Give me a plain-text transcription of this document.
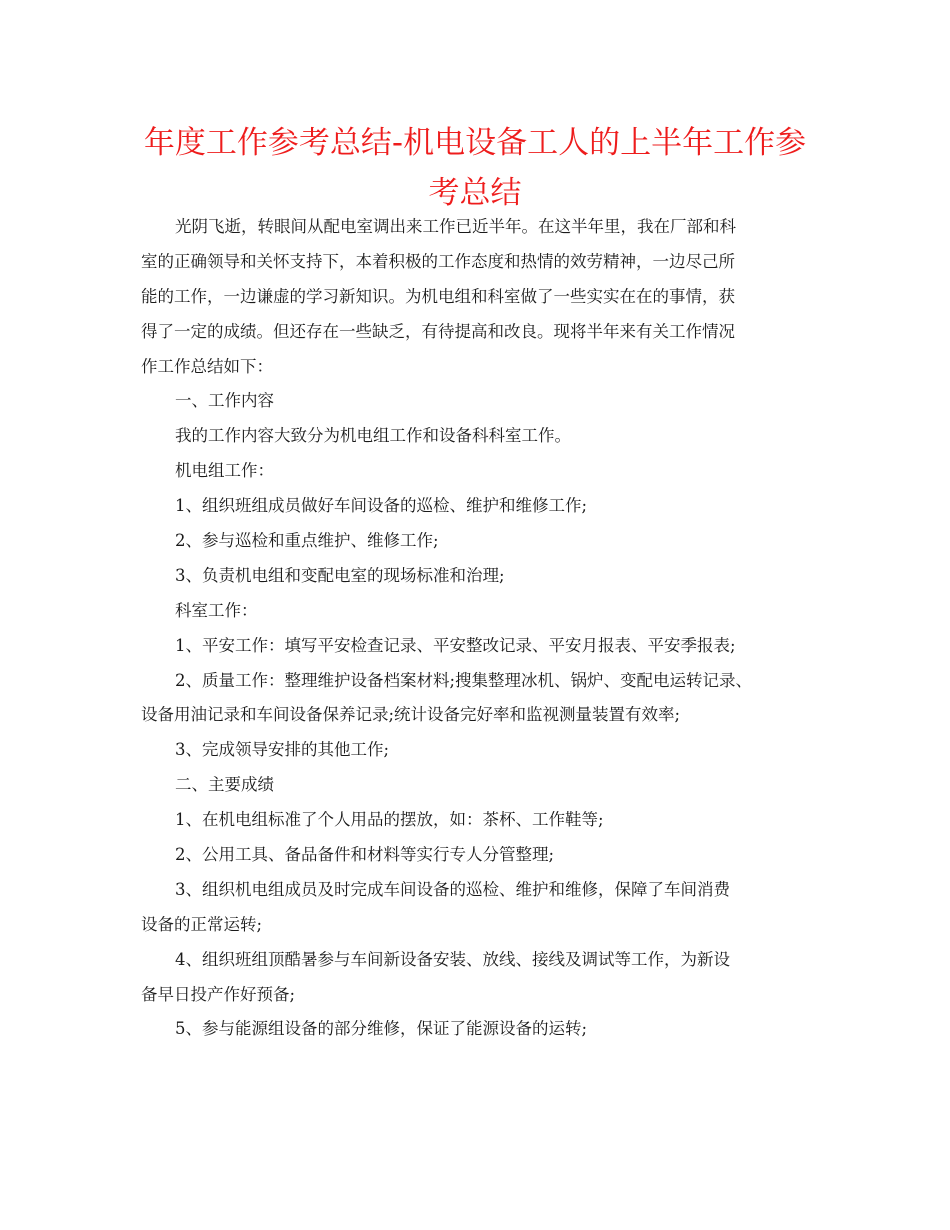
年度工作参考总结-机电设备工人的上半年工作参
考总结
光阴飞逝，转眼间从配电室调出来工作已近半年。在这半年里，我在厂部和科
室的正确领导和关怀支持下，本着积极的工作态度和热情的效劳精神，一边尽己所
能的工作，一边谦虚的学习新知识。为机电组和科室做了一些实实在在的事情，获
得了一定的成绩。但还存在一些缺乏，有待提高和改良。现将半年来有关工作情况
作工作总结如下：
一、工作内容
我的工作内容大致分为机电组工作和设备科科室工作。
机电组工作：
1、组织班组成员做好车间设备的巡检、维护和维修工作;
2、参与巡检和重点维护、维修工作;
3、负责机电组和变配电室的现场标准和治理;
科室工作：
1、平安工作：填写平安检查记录、平安整改记录、平安月报表、平安季报表;
2、质量工作：整理维护设备档案材料;搜集整理冰机、锅炉、变配电运转记录、
设备用油记录和车间设备保养记录;统计设备完好率和监视测量装置有效率;
3、完成领导安排的其他工作;
二、主要成绩
1、在机电组标准了个人用品的摆放，如：茶杯、工作鞋等;
2、公用工具、备品备件和材料等实行专人分管整理;
3、组织机电组成员及时完成车间设备的巡检、维护和维修，保障了车间消费
设备的正常运转;
4、组织班组顶酷暑参与车间新设备安装、放线、接线及调试等工作，为新设
备早日投产作好预备;
5、参与能源组设备的部分维修，保证了能源设备的运转;
